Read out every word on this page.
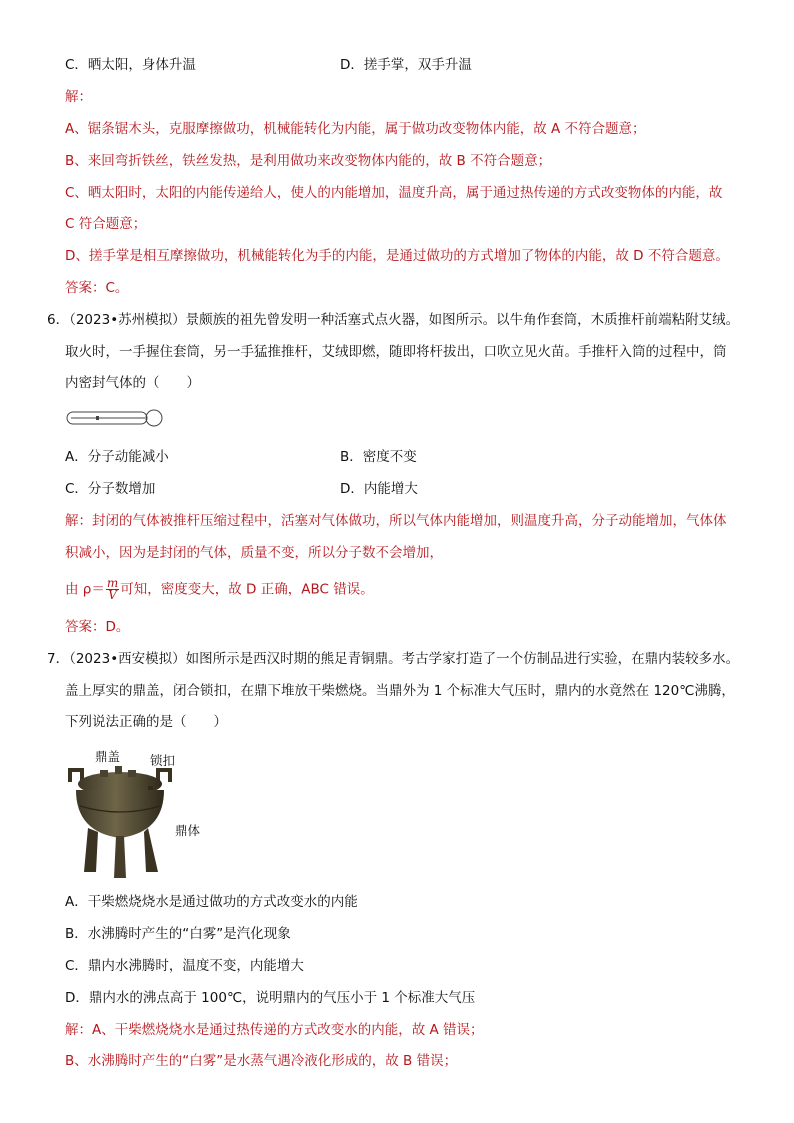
C．晒太阳，身体升温	D．搓手掌，双手升温
解：
A、锯条锯木头，克服摩擦做功，机械能转化为内能，属于做功改变物体内能，故 A 不符合题意；
B、来回弯折铁丝，铁丝发热，是利用做功来改变物体内能的，故 B 不符合题意；
C、晒太阳时，太阳的内能传递给人，使人的内能增加，温度升高，属于通过热传递的方式改变物体的内能，故
C 符合题意；
D、搓手掌是相互摩擦做功，机械能转化为手的内能，是通过做功的方式增加了物体的内能，故 D 不符合题意。
答案：C。
6．（2023•苏州模拟）景颇族的祖先曾发明一种活塞式点火器，如图所示。以牛角作套筒，木质推杆前端粘附艾绒。
取火时，一手握住套筒，另一手猛推推杆，艾绒即燃，随即将杆拔出，口吹立见火苗。手推杆入筒的过程中，筒
内密封气体的（　　）
A．分子动能减小	B．密度不变
C．分子数增加	D．内能增大
解：封闭的气体被推杆压缩过程中，活塞对气体做功，所以气体内能增加，则温度升高，分子动能增加，气体体
积减小，因为是封闭的气体，质量不变，所以分子数不会增加，
由 $\rho= \frac{m}{V}$ 可知，密度变大，故 D 正确，ABC 错误。
答案：D。
7．（2023•西安模拟）如图所示是西汉时期的熊足青铜鼎。考古学家打造了一个仿制品进行实验，在鼎内装较多水。
盖上厚实的鼎盖，闭合锁扣，在鼎下堆放干柴燃烧。当鼎外为 1 个标准大气压时，鼎内的水竟然在 120℃沸腾，
下列说法正确的是（　　）
鼎盖 锁扣
鼎体
A．干柴燃烧烧水是通过做功的方式改变水的内能
B．水沸腾时产生的“白雾”是汽化现象
C．鼎内水沸腾时，温度不变，内能增大
D．鼎内水的沸点高于 100℃，说明鼎内的气压小于 1 个标准大气压
解：A、干柴燃烧烧水是通过热传递的方式改变水的内能，故 A 错误；
B、水沸腾时产生的“白雾”是水蒸气遇冷液化形成的，故 B 错误；
